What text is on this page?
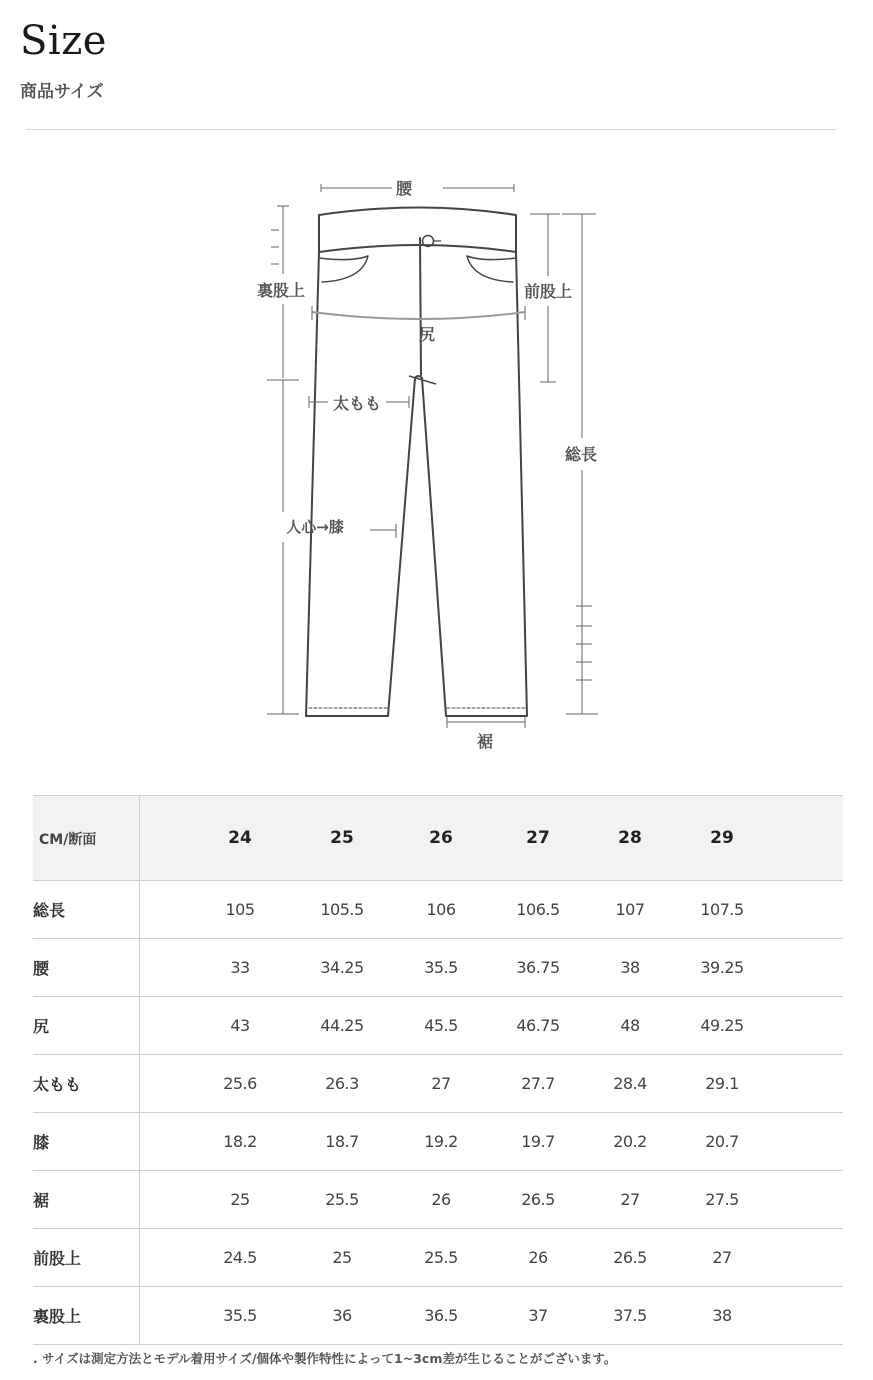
Size
商品サイズ
腰
裏股上	前股上
尻
太もも
総長
人心→膝
裾
CM/断面	24	25	26	27	28	29
総長	105	105.5	106	106.5	107	107.5
腰	33	34.25	35.5	36.75	38	39.25
尻	43	44.25	45.5	46.75	48	49.25
太もも	25.6	26.3	27	27.7	28.4	29.1
膝	18.2	18.7	19.2	19.7	20.2	20.7
裾	25	25.5	26	26.5	27	27.5
前股上	24.5	25	25.5	26	26.5	27
裏股上	35.5	36	36.5	37	37.5	38
. サイズは測定方法とモデル着用サイズ/個体や製作特性によって1~3cm差が生じることがございます。
